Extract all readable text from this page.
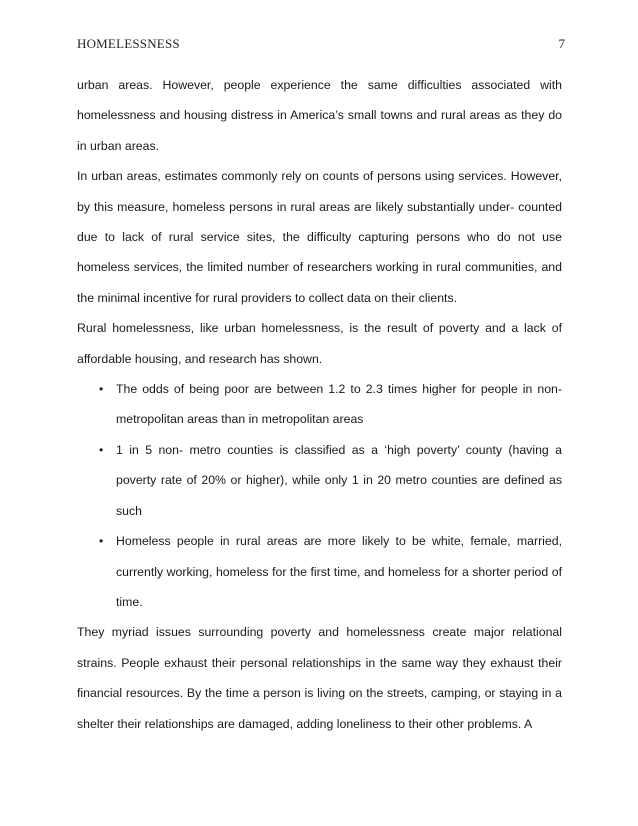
HOMELESSNESS	7

urban areas. However, people experience the same difficulties associated with homelessness and housing distress in America’s small towns and rural areas as they do in urban areas.

In urban areas, estimates commonly rely on counts of persons using services. However, by this measure, homeless persons in rural areas are likely substantially under- counted due to lack of rural service sites, the difficulty capturing persons who do not use homeless services, the limited number of researchers working in rural communities, and the minimal incentive for rural providers to collect data on their clients.

Rural homelessness, like urban homelessness, is the result of poverty and a lack of affordable housing, and research has shown.

• The odds of being poor are between 1.2 to 2.3 times higher for people in non-metropolitan areas than in metropolitan areas
• 1 in 5 non- metro counties is classified as a ‘high poverty’ county (having a poverty rate of 20% or higher), while only 1 in 20 metro counties are defined as such
• Homeless people in rural areas are more likely to be white, female, married, currently working, homeless for the first time, and homeless for a shorter period of time.

They myriad issues surrounding poverty and homelessness create major relational strains. People exhaust their personal relationships in the same way they exhaust their financial resources. By the time a person is living on the streets, camping, or staying in a shelter their relationships are damaged, adding loneliness to their other problems. A
